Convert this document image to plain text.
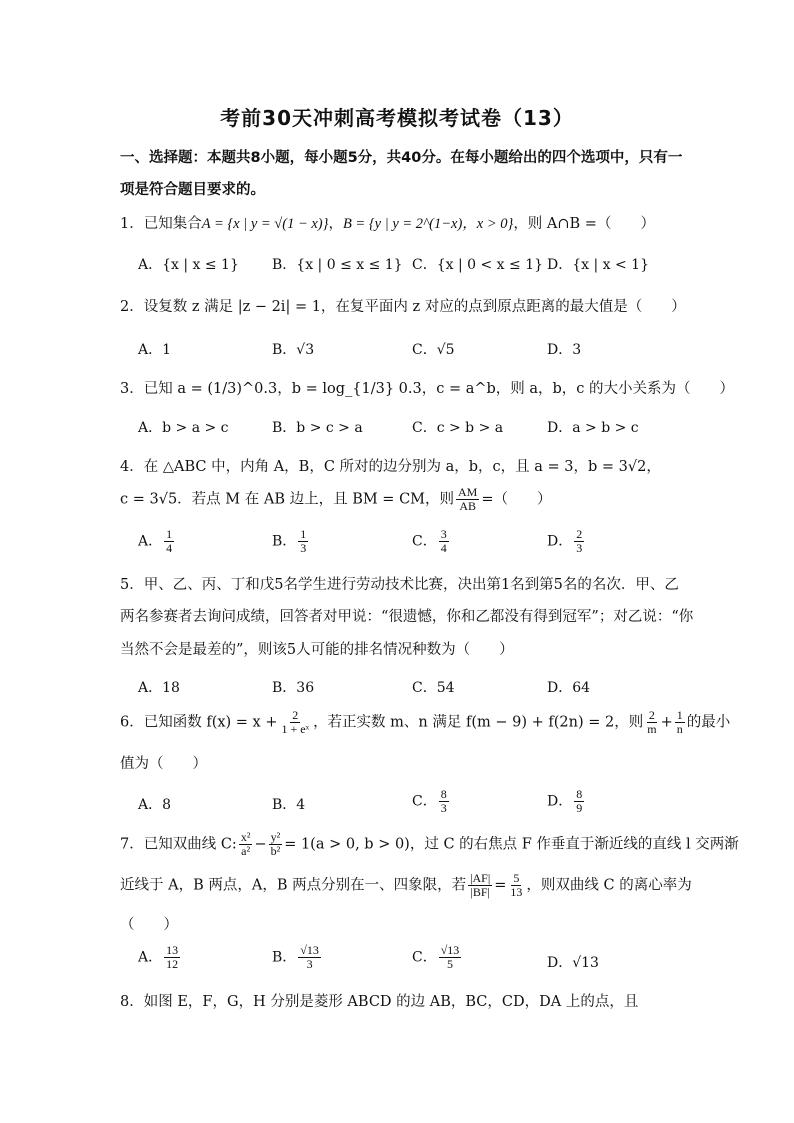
考前30天冲刺高考模拟考试卷（13）
一、选择题：本题共8小题，每小题5分，共40分。在每小题给出的四个选项中，只有一
项是符合题目要求的。
1．已知集合A = {x | y = √(1 − x)}，B = {y | y = 2^(1−x)，x > 0}，则 A∩B =（　　）
A．{x | x ≤ 1} B．{x | 0 ≤ x ≤ 1} C．{x | 0 < x ≤ 1} D．{x | x < 1}
2．设复数 z 满足 |z − 2i| = 1，在复平面内 z 对应的点到原点距离的最大值是（　　）
A．1	B．√3	C．√5	D．3
3．已知 a = (1/3)^0.3，b = log_{1/3} 0.3，c = a^b，则 a，b，c 的大小关系为（　　）
A．b > a > c	B．b > c > a	C．c > b > a	D．a > b > c
4．在 △ABC 中，内角 A，B，C 所对的边分别为 a，b，c，且 a = 3，b = 3√2，
c = 3√5．若点 M 在 AB 边上，且 BM = CM，则 $\frac{AM}{AB}$ =（　　）
A． $\frac{1}{4}$	B． $\frac{1}{3}$	C． $\frac{3}{4}$	D． $\frac{2}{3}$
5．甲、乙、丙、丁和戊5名学生进行劳动技术比赛，决出第1名到第5名的名次．甲、乙
两名参赛者去询问成绩，回答者对甲说：“很遗憾，你和乙都没有得到冠军”；对乙说：“你
当然不会是最差的”，则该5人可能的排名情况种数为（　　）
A．18	B．36	C．54	D．64
6．已知函数 $f(x) = x + \frac{2}{\text{1 + eˣ}}$ ，若正实数 m、n 满足 f(m − 9) + f(2n) = 2，则 $\frac{2}{m} + \frac{1}{n}$ 的最小
值为（　　）
A．8	B．4	C． $\frac{8}{3}$	D． $\frac{8}{9}$
7．已知双曲线 C: $\frac{\text{x²}}{\text{a²}} - \frac{\text{y²}}{\text{b²}} = 1(a > 0$, b > 0)，过 C 的右焦点 F 作垂直于渐近线的直线 l 交两渐
近线于 A，B 两点，A，B 两点分别在一、四象限，若 $\frac{|AF|}{|BF|} = \frac{5}{13}$ ，则双曲线 C 的离心率为
（　　）
A． $\frac{13}{12}$	B． $\frac{√13}{3}$	C． $\frac{√13}{5}$	D．√13
8．如图 E，F，G，H 分别是菱形 ABCD 的边 AB，BC，CD，DA 上的点，且
